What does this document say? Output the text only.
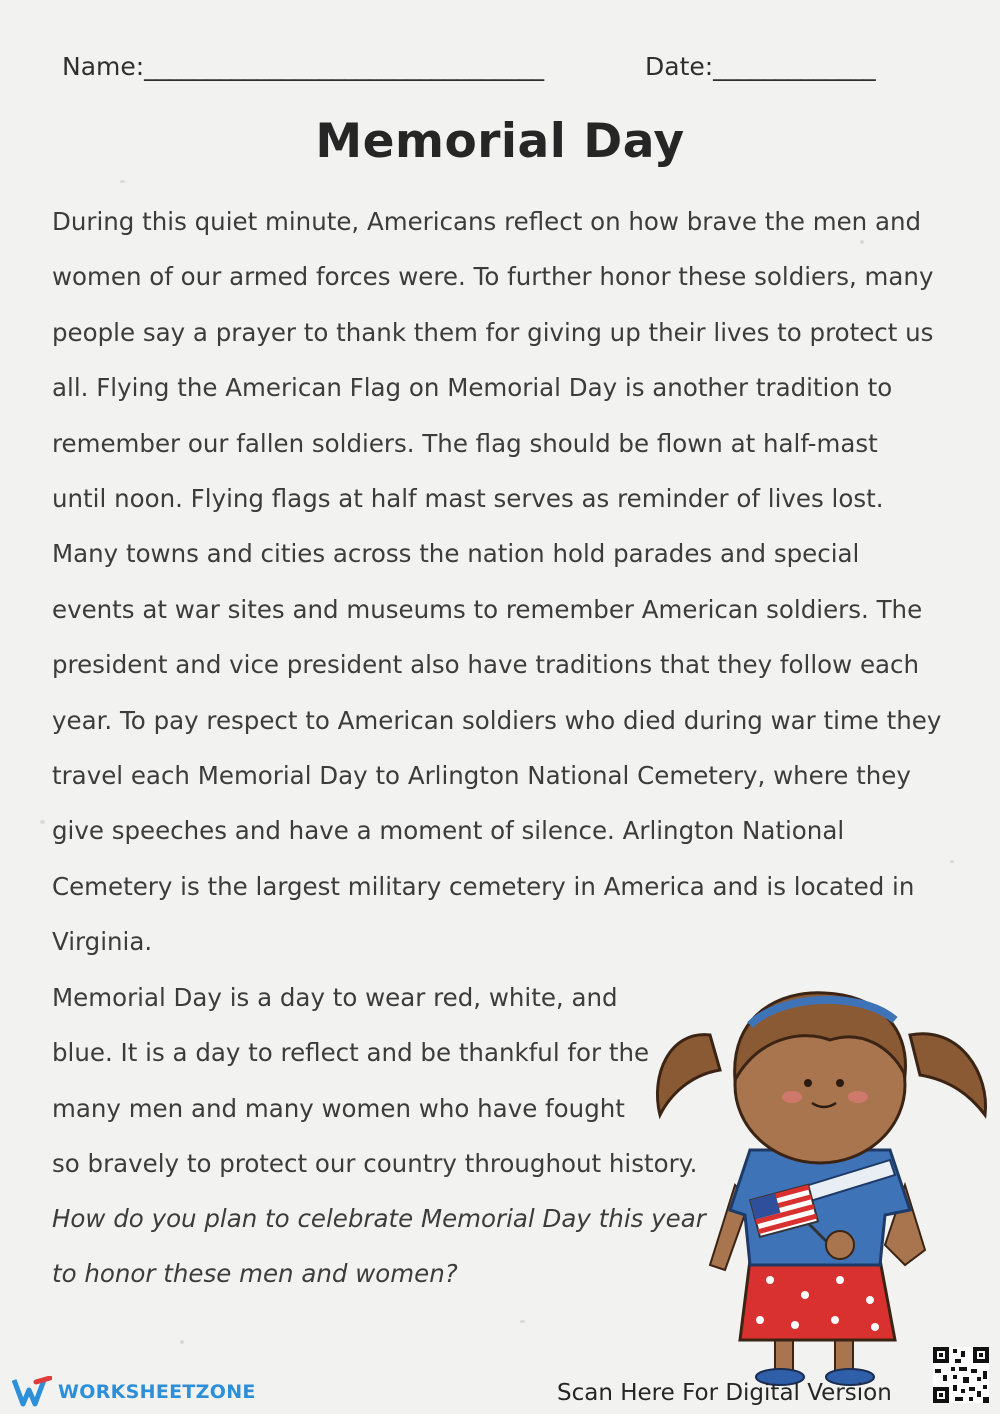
Name:________________________________	Date:_____________
Memorial Day

During this quiet minute, Americans reflect on how brave the men and
women of our armed forces were. To further honor these soldiers, many
people say a prayer to thank them for giving up their lives to protect us
all. Flying the American Flag on Memorial Day is another tradition to
remember our fallen soldiers. The flag should be flown at half-mast
until noon. Flying flags at half mast serves as reminder of lives lost.
Many towns and cities across the nation hold parades and special
events at war sites and museums to remember American soldiers. The
president and vice president also have traditions that they follow each
year. To pay respect to American soldiers who died during war time they
travel each Memorial Day to Arlington National Cemetery, where they
give speeches and have a moment of silence. Arlington National
Cemetery is the largest military cemetery in America and is located in
Virginia.

Memorial Day is a day to wear red, white, and
blue. It is a day to reflect and be thankful for the
many men and many women who have fought
so bravely to protect our country throughout history.

How do you plan to celebrate Memorial Day this year
to honor these men and women?

WORKSHEETZONE	Scan Here For Digital Version
